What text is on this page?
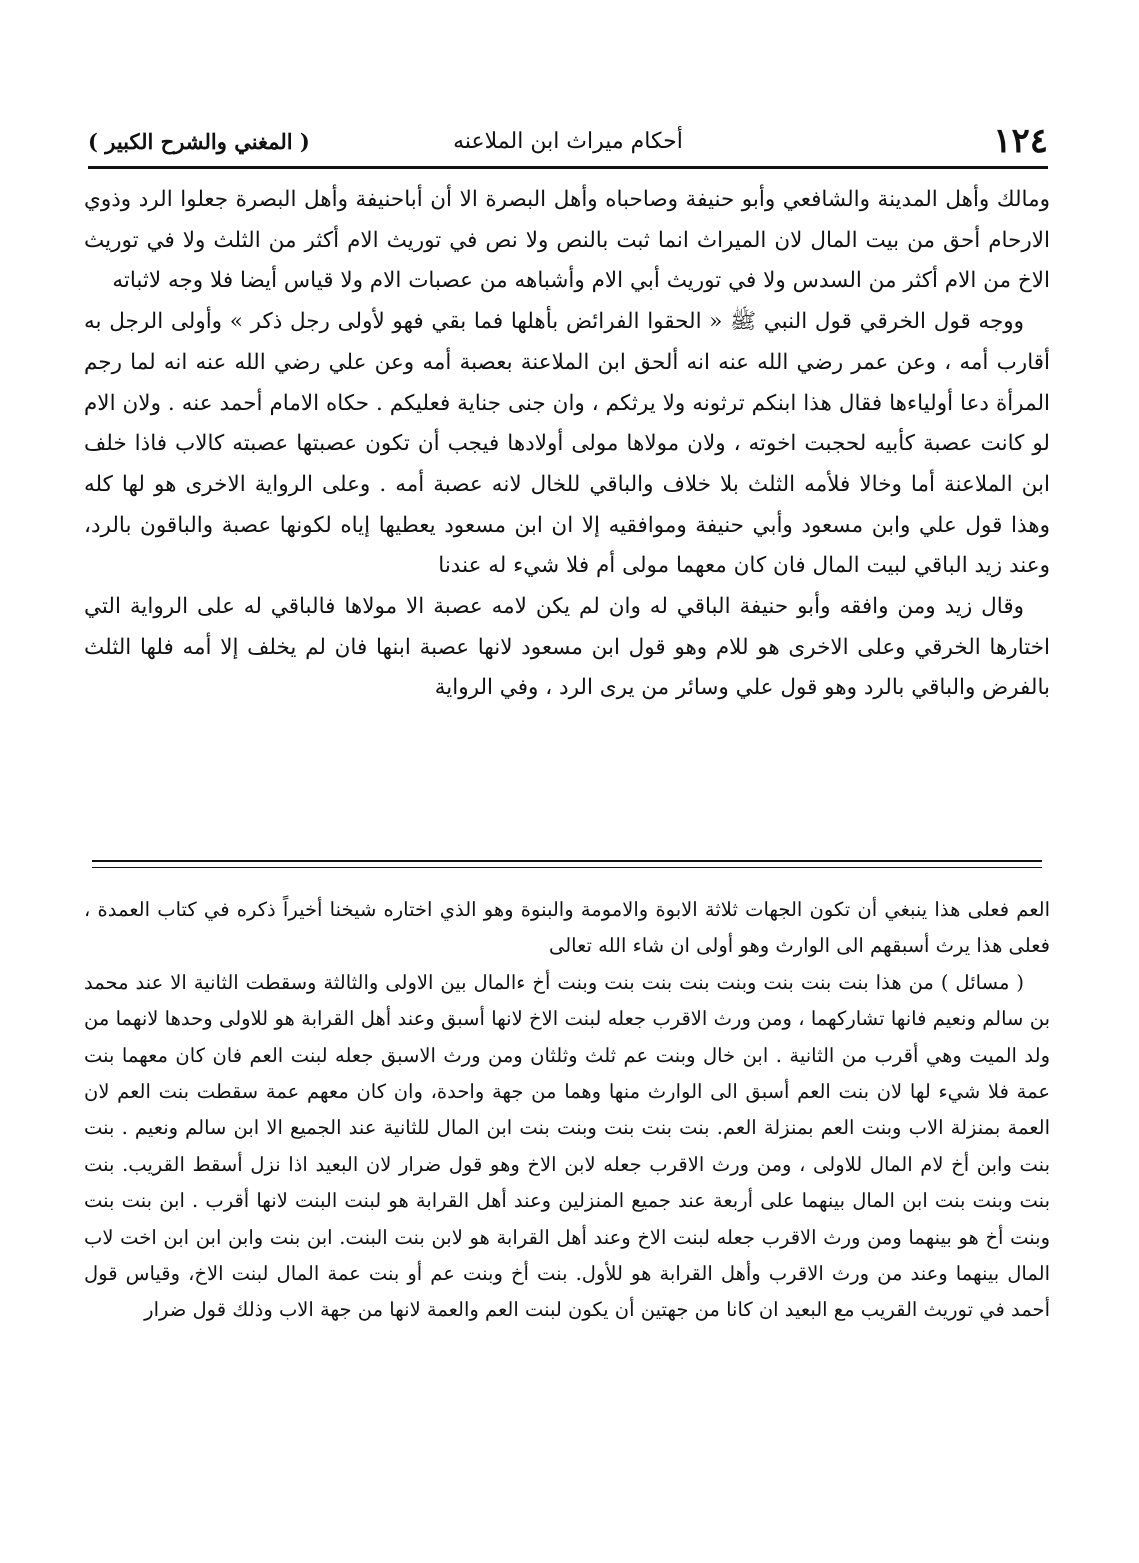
١٢٤
أحكام ميراث ابن الملاعنه
( المغني والشرح الكبير )

ومالك وأهل المدينة والشافعي وأبو حنيفة وصاحباه وأهل البصرة الا أن أباحنيفة وأهل البصرة جعلوا الرد وذوي الارحام أحق من بيت المال لان الميراث انما ثبت بالنص ولا نص في توريث الام أكثر من الثلث ولا في توريث الاخ من الام أكثر من السدس ولا في توريث أبي الام وأشباهه من عصبات الام ولا قياس أيضا فلا وجه لاثباته

ووجه قول الخرقي قول النبي ﷺ « الحقوا الفرائض بأهلها فما بقي فهو لأولى رجل ذكر » وأولى الرجل به أقارب أمه ، وعن عمر رضي الله عنه انه ألحق ابن الملاعنة بعصبة أمه وعن علي رضي الله عنه انه لما رجم المرأة دعا أولياءها فقال هذا ابنكم ترثونه ولا يرثكم ، وان جنى جناية فعليكم . حكاه الامام أحمد عنه . ولان الام لو كانت عصبة كأبيه لحجبت اخوته ، ولان مولاها مولى أولادها فيجب أن تكون عصبتها عصبته كالاب فاذا خلف ابن الملاعنة أما وخالا فلأمه الثلث بلا خلاف والباقي للخال لانه عصبة أمه . وعلى الرواية الاخرى هو لها كله وهذا قول علي وابن مسعود وأبي حنيفة وموافقيه إلا ان ابن مسعود يعطيها إياه لكونها عصبة والباقون بالرد، وعند زيد الباقي لبيت المال فان كان معهما مولى أم فلا شيء له عندنا

وقال زيد ومن وافقه وأبو حنيفة الباقي له وان لم يكن لامه عصبة الا مولاها فالباقي له على الرواية التي اختارها الخرقي وعلى الاخرى هو للام وهو قول ابن مسعود لانها عصبة ابنها فان لم يخلف إلا أمه فلها الثلث بالفرض والباقي بالرد وهو قول علي وسائر من يرى الرد ، وفي الرواية

العم فعلى هذا ينبغي أن تكون الجهات ثلاثة الابوة والامومة والبنوة وهو الذي اختاره شيخنا أخيراً ذكره في كتاب العمدة ، فعلى هذا يرث أسبقهم الى الوارث وهو أولى ان شاء الله تعالى

( مسائل ) من هذا بنت بنت بنت وبنت بنت بنت بنت وبنت أخ ءالمال بين الاولى والثالثة وسقطت الثانية الا عند محمد بن سالم ونعيم فانها تشاركهما ، ومن ورث الاقرب جعله لبنت الاخ لانها أسبق وعند أهل القرابة هو للاولى وحدها لانهما من ولد الميت وهي أقرب من الثانية . ابن خال وبنت عم ثلث وثلثان ومن ورث الاسبق جعله لبنت العم فان كان معهما بنت عمة فلا شيء لها لان بنت العم أسبق الى الوارث منها وهما من جهة واحدة، وان كان معهم عمة سقطت بنت العم لان العمة بمنزلة الاب وبنت العم بمنزلة العم. بنت بنت بنت وبنت بنت ابن المال للثانية عند الجميع الا ابن سالم ونعيم . بنت بنت وابن أخ لام المال للاولى ، ومن ورث الاقرب جعله لابن الاخ وهو قول ضرار لان البعيد اذا نزل أسقط القريب. بنت بنت وبنت بنت ابن المال بينهما على أربعة عند جميع المنزلين وعند أهل القرابة هو لبنت البنت لانها أقرب . ابن بنت بنت وبنت أخ هو بينهما ومن ورث الاقرب جعله لبنت الاخ وعند أهل القرابة هو لابن بنت البنت. ابن بنت وابن ابن ابن اخت لاب المال بينهما وعند من ورث الاقرب وأهل القرابة هو للأول. بنت أخ وبنت عم أو بنت عمة المال لبنت الاخ، وقياس قول أحمد في توريث القريب مع البعيد ان كانا من جهتين أن يكون لبنت العم والعمة لانها من جهة الاب وذلك قول ضرار
